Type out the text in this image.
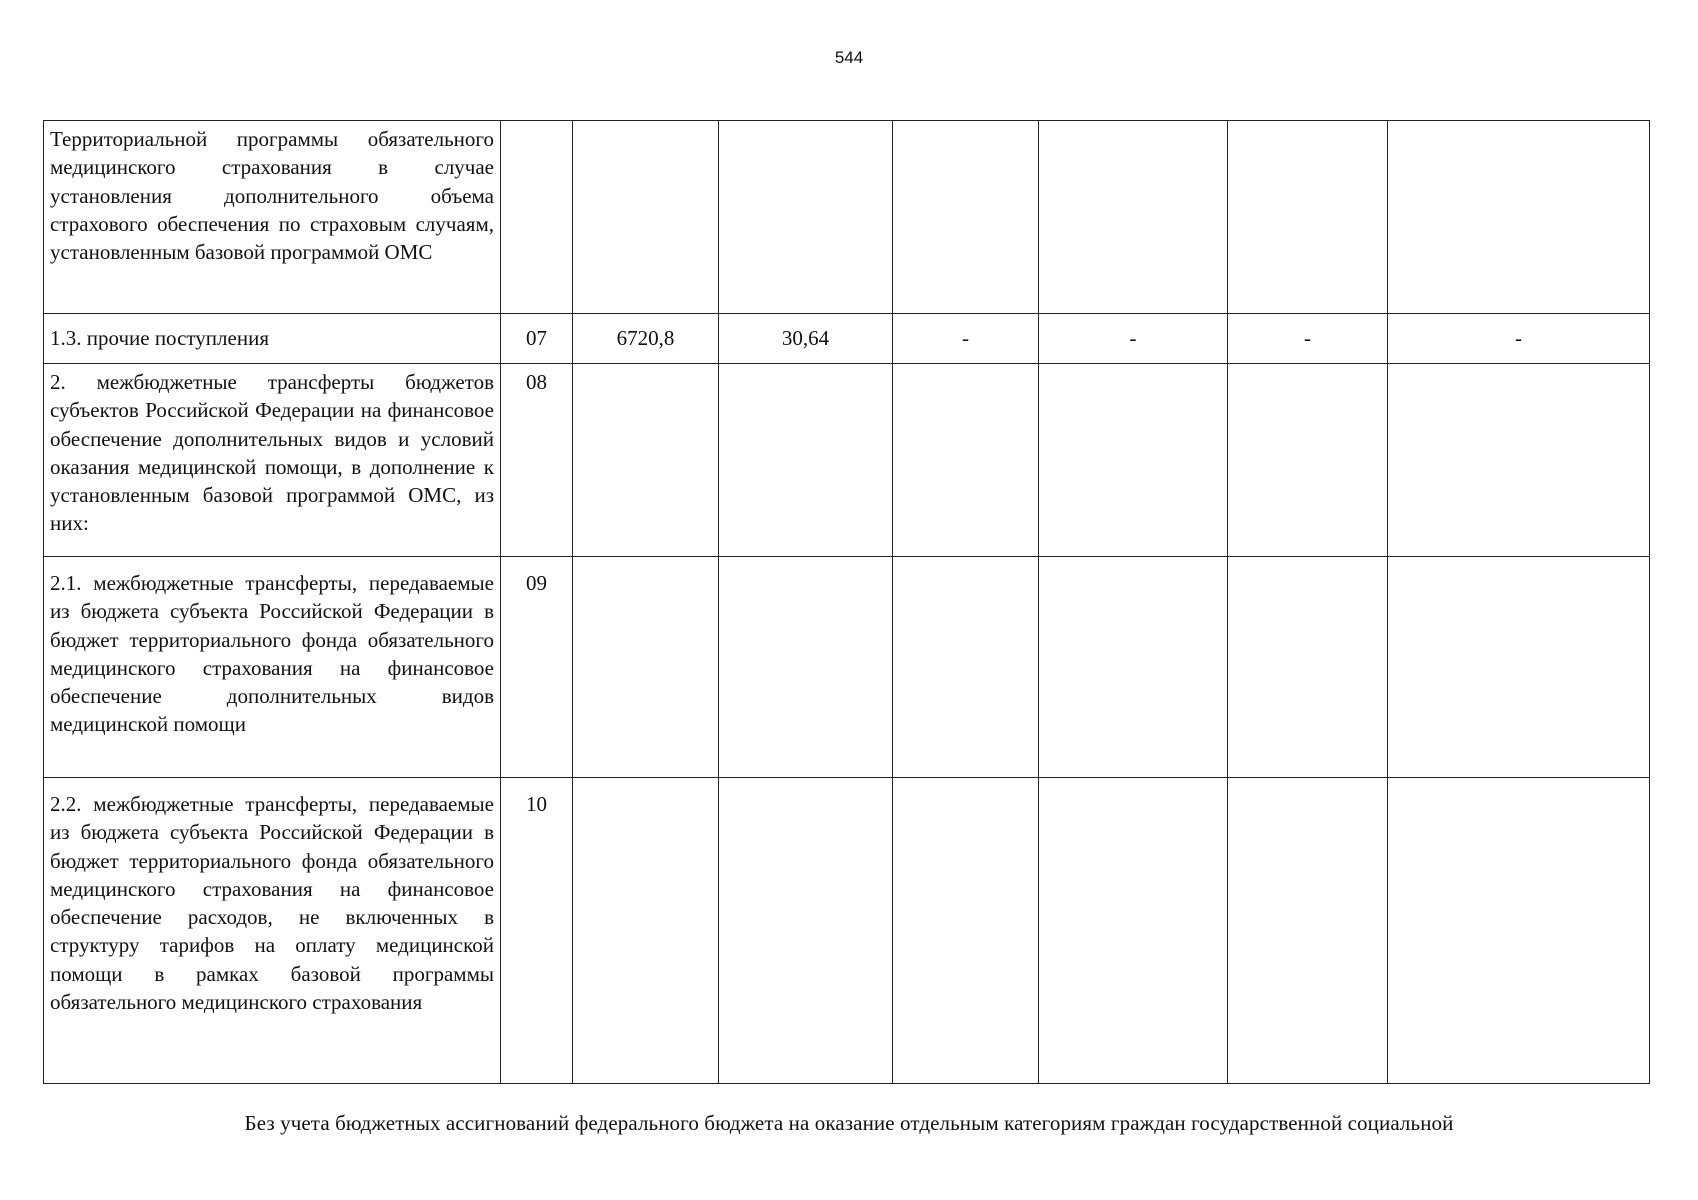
544
Территориальной программы обязательного медицинского страхования в случае установления дополнительного объема страхового обеспечения по страховым случаям, установленным базовой программой ОМС							
1.3. прочие поступления	07	6720,8	30,64	-	-	-	-
2. межбюджетные трансферты бюджетов субъектов Российской Федерации на финансовое обеспечение дополнительных видов и условий оказания медицинской помощи, в дополнение к установленным базовой программой ОМС, из них:	08						
2.1. межбюджетные трансферты, передаваемые из бюджета субъекта Российской Федерации в бюджет территориального фонда обязательного медицинского страхования на финансовое обеспечение дополнительных видов медицинской помощи	09						
2.2. межбюджетные трансферты, передаваемые из бюджета субъекта Российской Федерации в бюджет территориального фонда обязательного медицинского страхования на финансовое обеспечение расходов, не включенных в структуру тарифов на оплату медицинской помощи в рамках базовой программы обязательного медицинского страхования	10						
Без учета бюджетных ассигнований федерального бюджета на оказание отдельным категориям граждан государственной социальной
